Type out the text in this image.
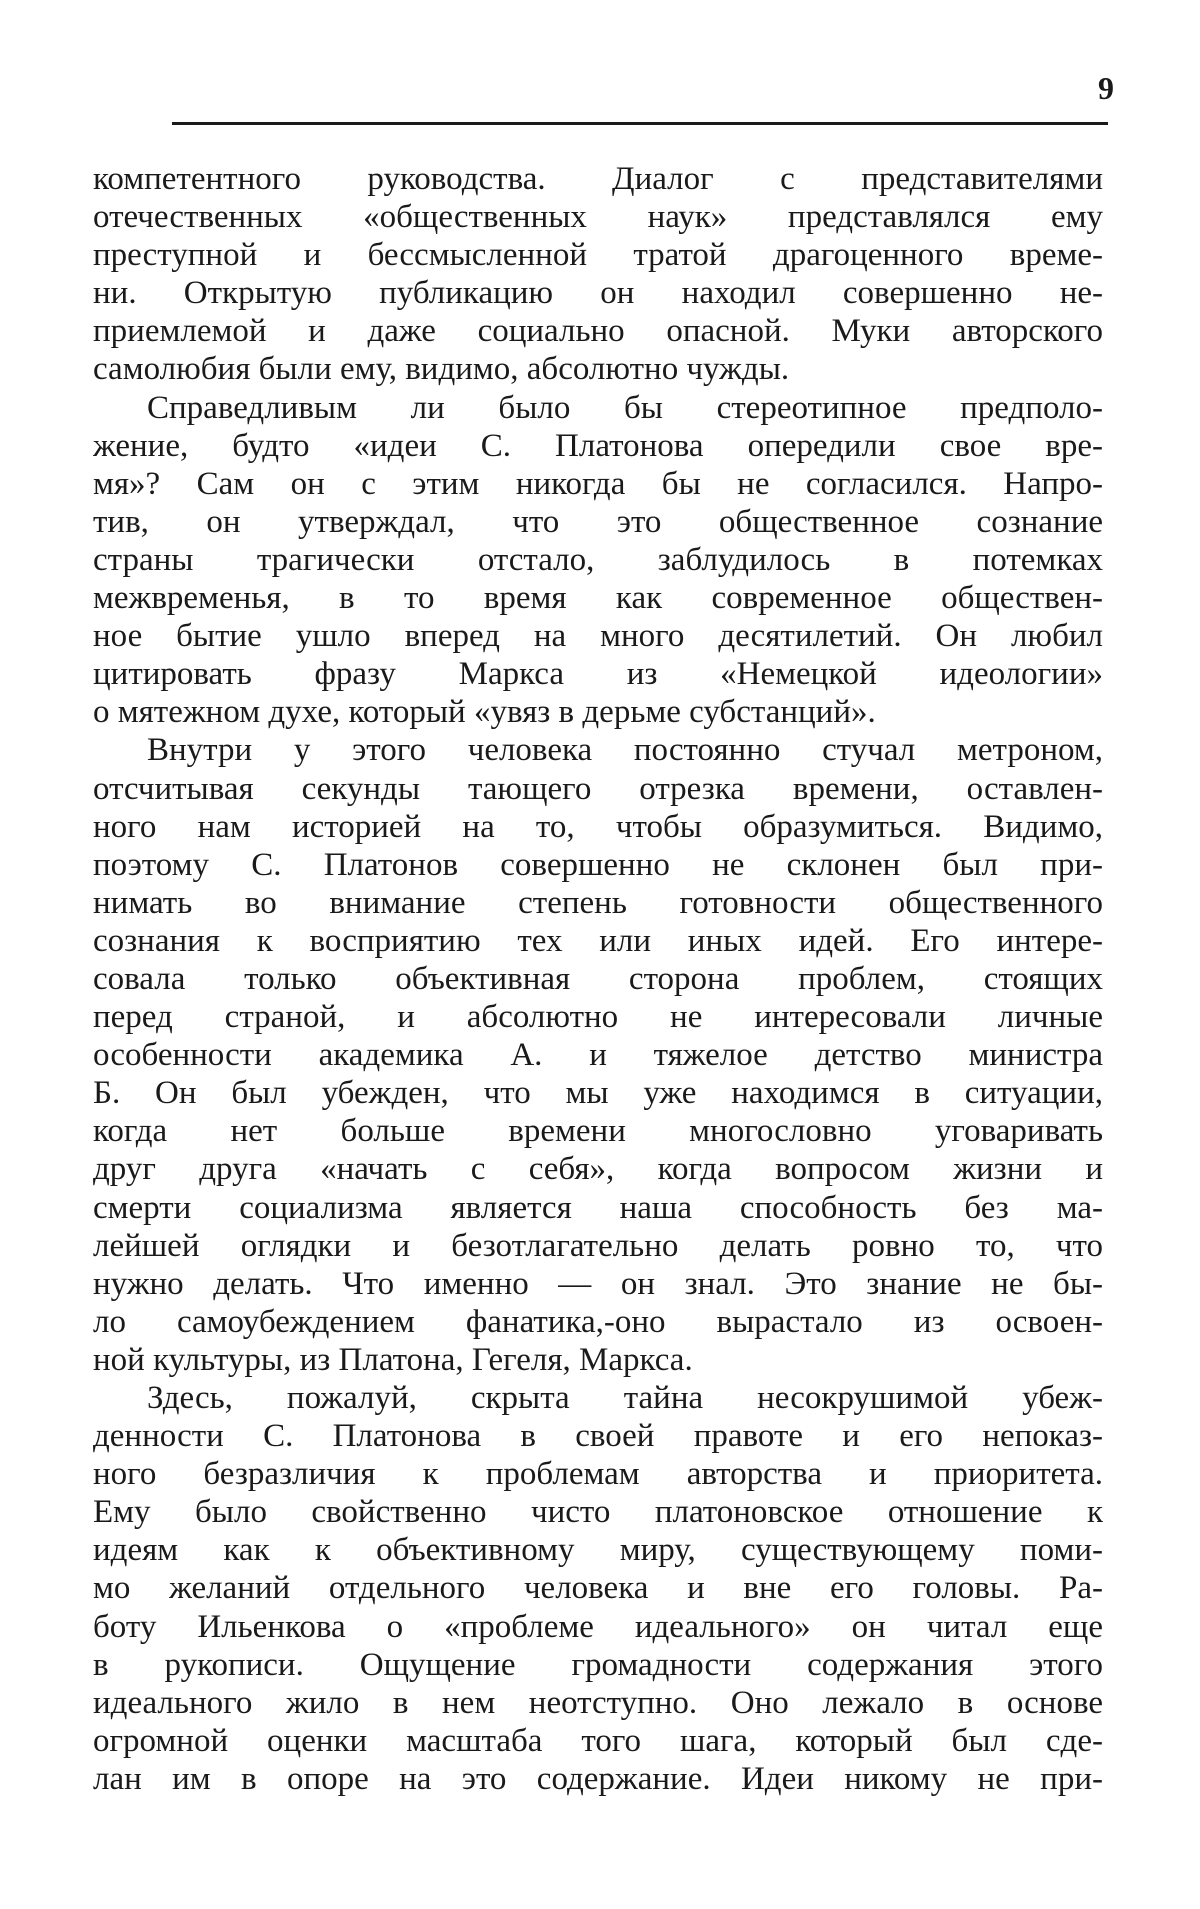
9
компетентного руководства. Диалог с представителями
отечественных «общественных наук» представлялся ему
преступной и бессмысленной тратой драгоценного време-
ни. Открытую публикацию он находил совершенно не-
приемлемой и даже социально опасной. Муки авторского
самолюбия были ему, видимо, абсолютно чужды.
Справедливым ли было бы стереотипное предполо-
жение, будто «идеи С. Платонова опередили свое вре-
мя»? Сам он с этим никогда бы не согласился. Напро-
тив, он утверждал, что это общественное сознание
страны трагически отстало, заблудилось в потемках
межвременья, в то время как современное обществен-
ное бытие ушло вперед на много десятилетий. Он любил
цитировать фразу Маркса из «Немецкой идеологии»
о мятежном духе, который «увяз в дерьме субстанций».
Внутри у этого человека постоянно стучал метроном,
отсчитывая секунды тающего отрезка времени, оставлен-
ного нам историей на то, чтобы образумиться. Видимо,
поэтому С. Платонов совершенно не склонен был при-
нимать во внимание степень готовности общественного
сознания к восприятию тех или иных идей. Его интере-
совала только объективная сторона проблем, стоящих
перед страной, и абсолютно не интересовали личные
особенности академика А. и тяжелое детство министра
Б. Он был убежден, что мы уже находимся в ситуации,
когда нет больше времени многословно уговаривать
друг друга «начать с себя», когда вопросом жизни и
смерти социализма является наша способность без ма-
лейшей оглядки и безотлагательно делать ровно то, что
нужно делать. Что именно — он знал. Это знание не бы-
ло самоубеждением фанатика,-оно вырастало из освоен-
ной культуры, из Платона, Гегеля, Маркса.
Здесь, пожалуй, скрыта тайна несокрушимой убеж-
денности С. Платонова в своей правоте и его непоказ-
ного безразличия к проблемам авторства и приоритета.
Ему было свойственно чисто платоновское отношение к
идеям как к объективному миру, существующему поми-
мо желаний отдельного человека и вне его головы. Ра-
боту Ильенкова о «проблеме идеального» он читал еще
в рукописи. Ощущение громадности содержания этого
идеального жило в нем неотступно. Оно лежало в основе
огромной оценки масштаба того шага, который был сде-
лан им в опоре на это содержание. Идеи никому не при-
